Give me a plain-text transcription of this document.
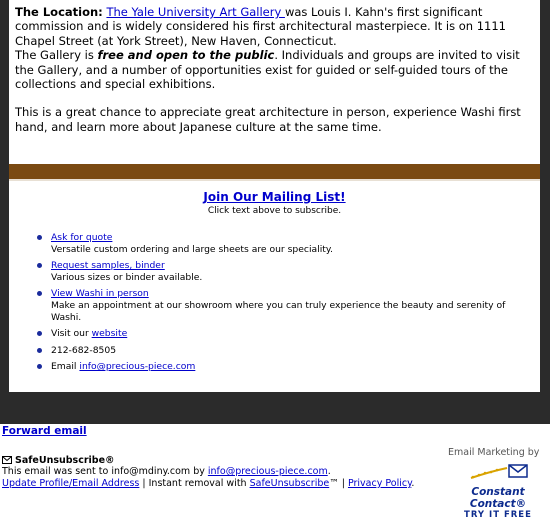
The Location: The Yale University Art Gallery was Louis I. Kahn's first significant commission and is widely considered his first architectural masterpiece. It is on 1111 Chapel Street (at York Street), New Haven, Connecticut.

The Gallery is free and open to the public. Individuals and groups are invited to visit the Gallery, and a number of opportunities exist for guided or self-guided tours of the collections and special exhibitions.

This is a great chance to appreciate great architecture in person, experience Washi first hand, and learn more about Japanese culture at the same time.

Join Our Mailing List!
Click text above to subscribe.
Ask for quote
Versatile custom ordering and large sheets are our speciality.
Request samples, binder
Various sizes or binder available.
View Washi in person
Make an appointment at our showroom where you can truly experience the beauty and serenity of Washi.
Visit our website
212-682-8505
Email info@precious-piece.com
Forward email
SafeUnsubscribe®
This email was sent to info@mdiny.com by info@precious-piece.com.
Update Profile/Email Address | Instant removal with SafeUnsubscribe™ | Privacy Policy.
Email Marketing by
Constant Contact®
TRY IT FREE
